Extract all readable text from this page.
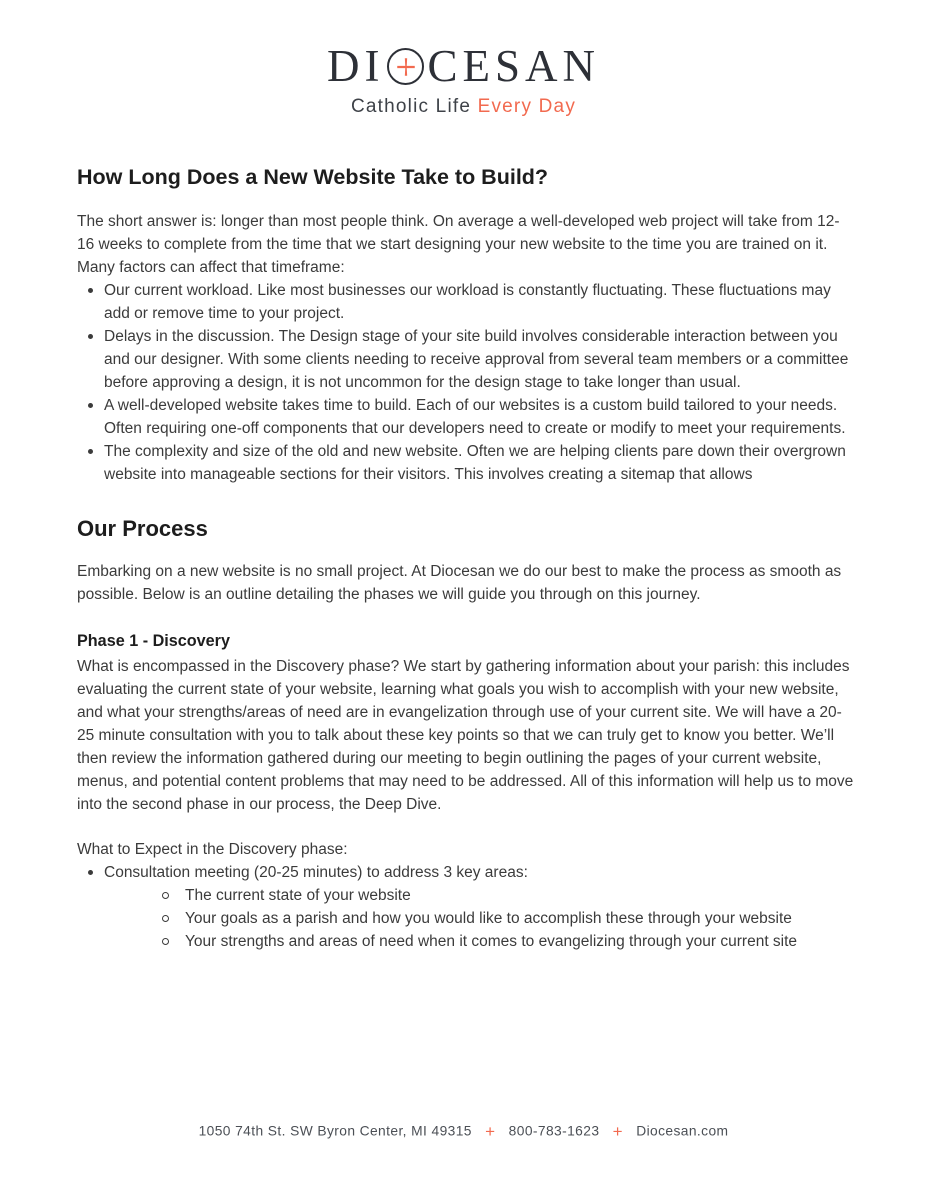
DI CESAN
Catholic Life Every Day
How Long Does a New Website Take to Build?

The short answer is: longer than most people think. On average a well-developed web project will take from 12-16 weeks to complete from the time that we start designing your new website to the time you are trained on it. Many factors can affect that timeframe:

Our current workload. Like most businesses our workload is constantly fluctuating. These fluctuations may add or remove time to your project.
Delays in the discussion. The Design stage of your site build involves considerable interaction between you and our designer. With some clients needing to receive approval from several team members or a committee before approving a design, it is not uncommon for the design stage to take longer than usual.
A well-developed website takes time to build. Each of our websites is a custom build tailored to your needs. Often requiring one-off components that our developers need to create or modify to meet your requirements.
The complexity and size of the old and new website. Often we are helping clients pare down their overgrown website into manageable sections for their visitors. This involves creating a sitemap that allows
Our Process

Embarking on a new website is no small project. At Diocesan we do our best to make the process as smooth as possible. Below is an outline detailing the phases we will guide you through on this journey.

Phase 1 - Discovery

What is encompassed in the Discovery phase? We start by gathering information about your parish: this includes evaluating the current state of your website, learning what goals you wish to accomplish with your new website, and what your strengths/areas of need are in evangelization through use of your current site. We will have a 20-25 minute consultation with you to talk about these key points so that we can truly get to know you better. We’ll then review the information gathered during our meeting to begin outlining the pages of your current website, menus, and potential content problems that may need to be addressed. All of this information will help us to move into the second phase in our process, the Deep Dive.

What to Expect in the Discovery phase:

Consultation meeting (20-25 minutes) to address 3 key areas:
The current state of your website
Your goals as a parish and how you would like to accomplish these through your website
Your strengths and areas of need when it comes to evangelizing through your current site
1050 74th St. SW Byron Center, MI 49315 + 800-783-1623 + Diocesan.com
